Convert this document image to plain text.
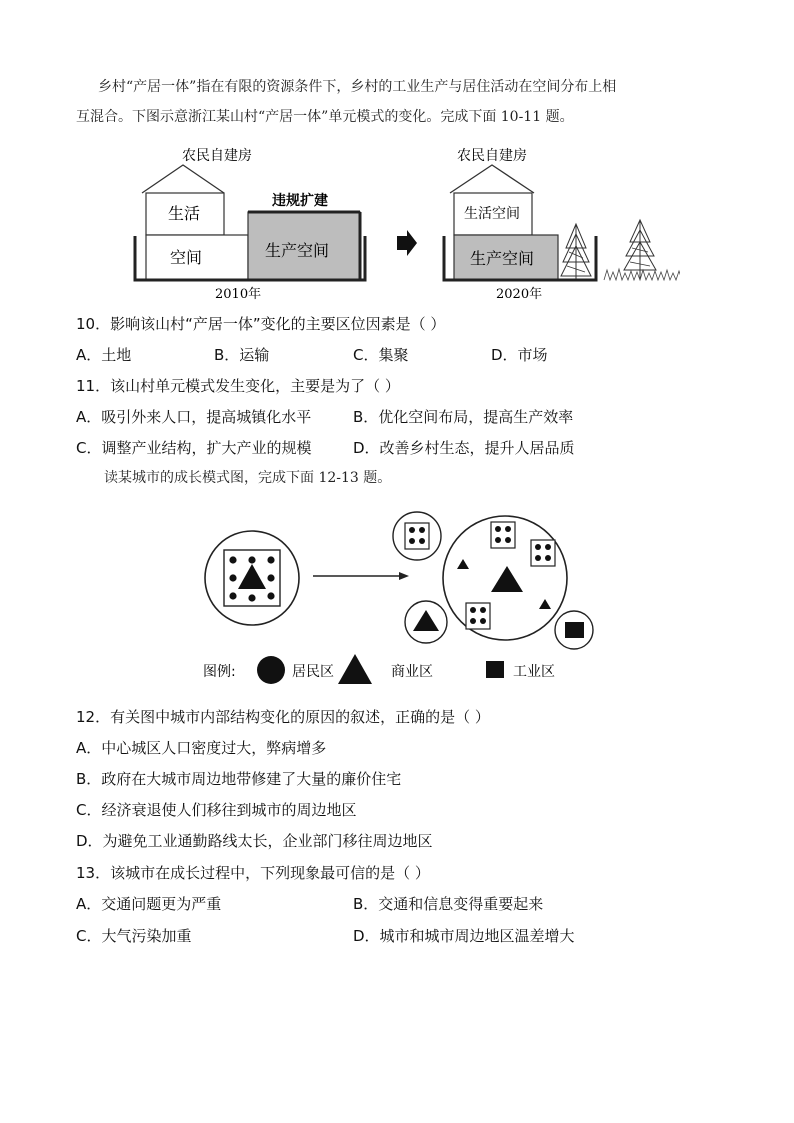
乡村“产居一体”指在有限的资源条件下，乡村的工业生产与居住活动在空间分布上相
互混合。下图示意浙江某山村“产居一体”单元模式的变化。完成下面 10-11 题。
农民自建房
生活
空间
违规扩建
生产空间
2010年
农民自建房
生活空间
生产空间
2020年
10．影响该山村“产居一体”变化的主要区位因素是（ ）
A．土地	B．运输	C．集聚	D．市场
11．该山村单元模式发生变化，主要是为了（ ）
A．吸引外来人口，提高城镇化水平	B．优化空间布局，提高生产效率
C．调整产业结构，扩大产业的规模	D．改善乡村生态，提升人居品质
读某城市的成长模式图，完成下面 12-13 题。
图例:	居民区	商业区	工业区
12．有关图中城市内部结构变化的原因的叙述，正确的是（ ）
A．中心城区人口密度过大，弊病增多
B．政府在大城市周边地带修建了大量的廉价住宅
C．经济衰退使人们移往到城市的周边地区
D．为避免工业通勤路线太长，企业部门移往周边地区
13．该城市在成长过程中，下列现象最可信的是（ ）
A．交通问题更为严重	B．交通和信息变得重要起来
C．大气污染加重	D．城市和城市周边地区温差增大
